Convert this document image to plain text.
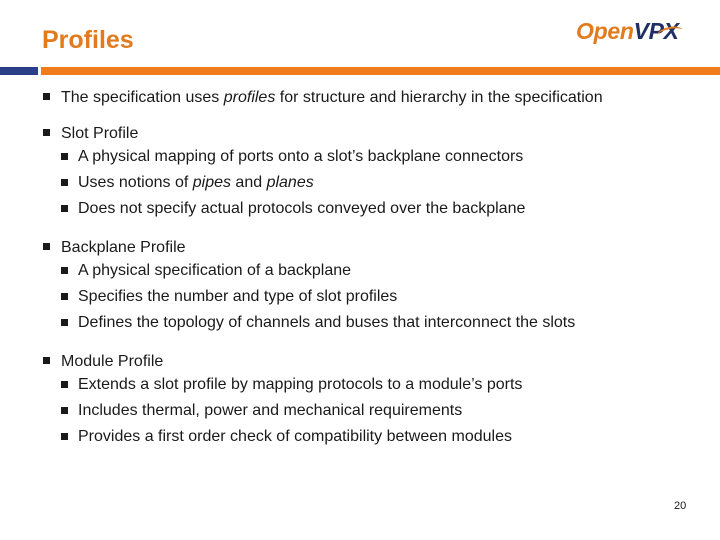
Profiles	Open VPX
The specification uses profiles for structure and hierarchy in the specification
Slot Profile
A physical mapping of ports onto a slot’s backplane connectors
Uses notions of pipes and planes
Does not specify actual protocols conveyed over the backplane
Backplane Profile
A physical specification of a backplane
Specifies the number and type of slot profiles
Defines the topology of channels and buses that interconnect the slots
Module Profile
Extends a slot profile by mapping protocols to a module’s ports
Includes thermal, power and mechanical requirements
Provides a first order check of compatibility between modules
20
